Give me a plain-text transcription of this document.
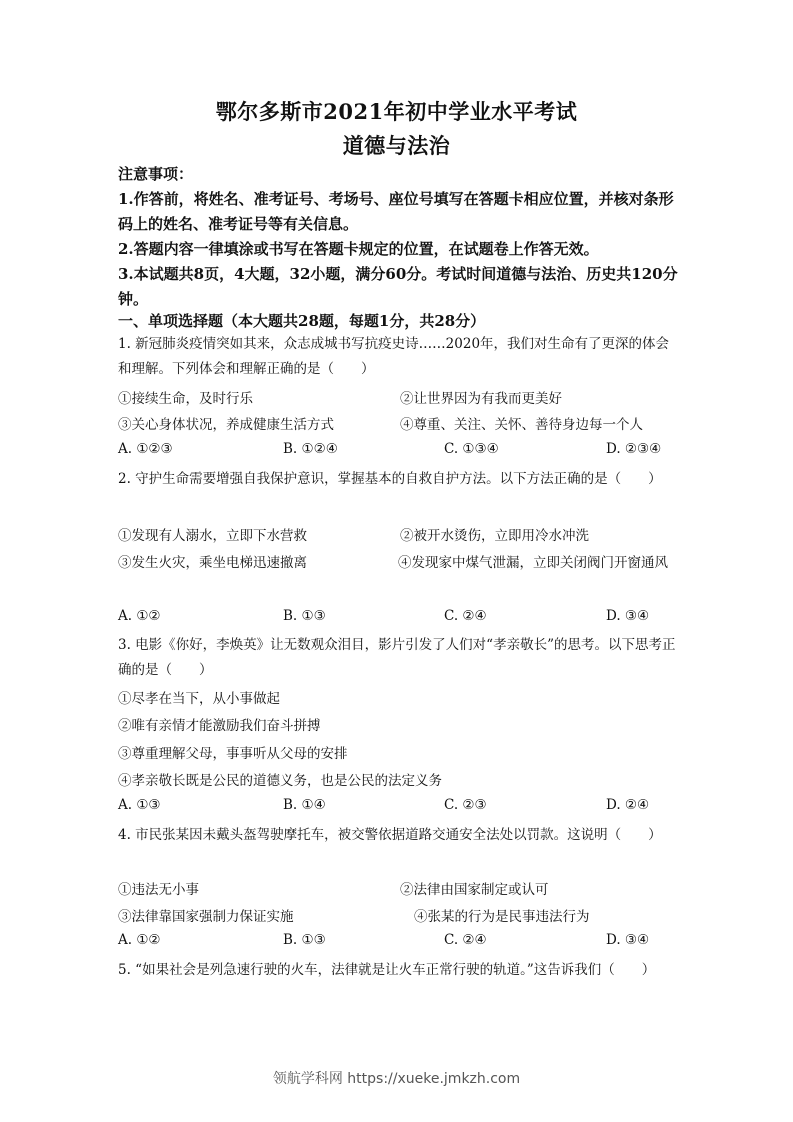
鄂尔多斯市2021年初中学业水平考试
道德与法治
注意事项：
1.作答前，将姓名、准考证号、考场号、座位号填写在答题卡相应位置，并核对条形码上的姓名、准考证号等有关信息。
2.答题内容一律填涂或书写在答题卡规定的位置，在试题卷上作答无效。
3.本试题共8页，4大题，32小题，满分60分。考试时间道德与法治、历史共120分钟。
一、单项选择题（本大题共28题，每题1分，共28分）
1. 新冠肺炎疫情突如其来，众志成城书写抗疫史诗……2020年，我们对生命有了更深的体会和理解。下列体会和理解正确的是（　　）
①接续生命，及时行乐	②让世界因为有我而更美好
③关心身体状况，养成健康生活方式	④尊重、关注、关怀、善待身边每一个人
A. ①②③	B. ①②④	C. ①③④	D. ②③④
2. 守护生命需要增强自我保护意识，掌握基本的自救自护方法。以下方法正确的是（　　）
①发现有人溺水，立即下水营救	②被开水烫伤，立即用冷水冲洗
③发生火灾，乘坐电梯迅速撤离	④发现家中煤气泄漏，立即关闭阀门开窗通风
A. ①②	B. ①③	C. ②④	D. ③④
3. 电影《你好，李焕英》让无数观众泪目，影片引发了人们对“孝亲敬长”的思考。以下思考正确的是（　　）
①尽孝在当下，从小事做起
②唯有亲情才能激励我们奋斗拼搏
③尊重理解父母，事事听从父母的安排
④孝亲敬长既是公民的道德义务，也是公民的法定义务
A. ①③	B. ①④	C. ②③	D. ②④
4. 市民张某因未戴头盔驾驶摩托车，被交警依据道路交通安全法处以罚款。这说明（　　）
①违法无小事	②法律由国家制定或认可
③法律靠国家强制力保证实施	④张某的行为是民事违法行为
A. ①②	B. ①③	C. ②④	D. ③④
5. “如果社会是列急速行驶的火车，法律就是让火车正常行驶的轨道。”这告诉我们（　　）
领航学科网 https://xueke.jmkzh.com
